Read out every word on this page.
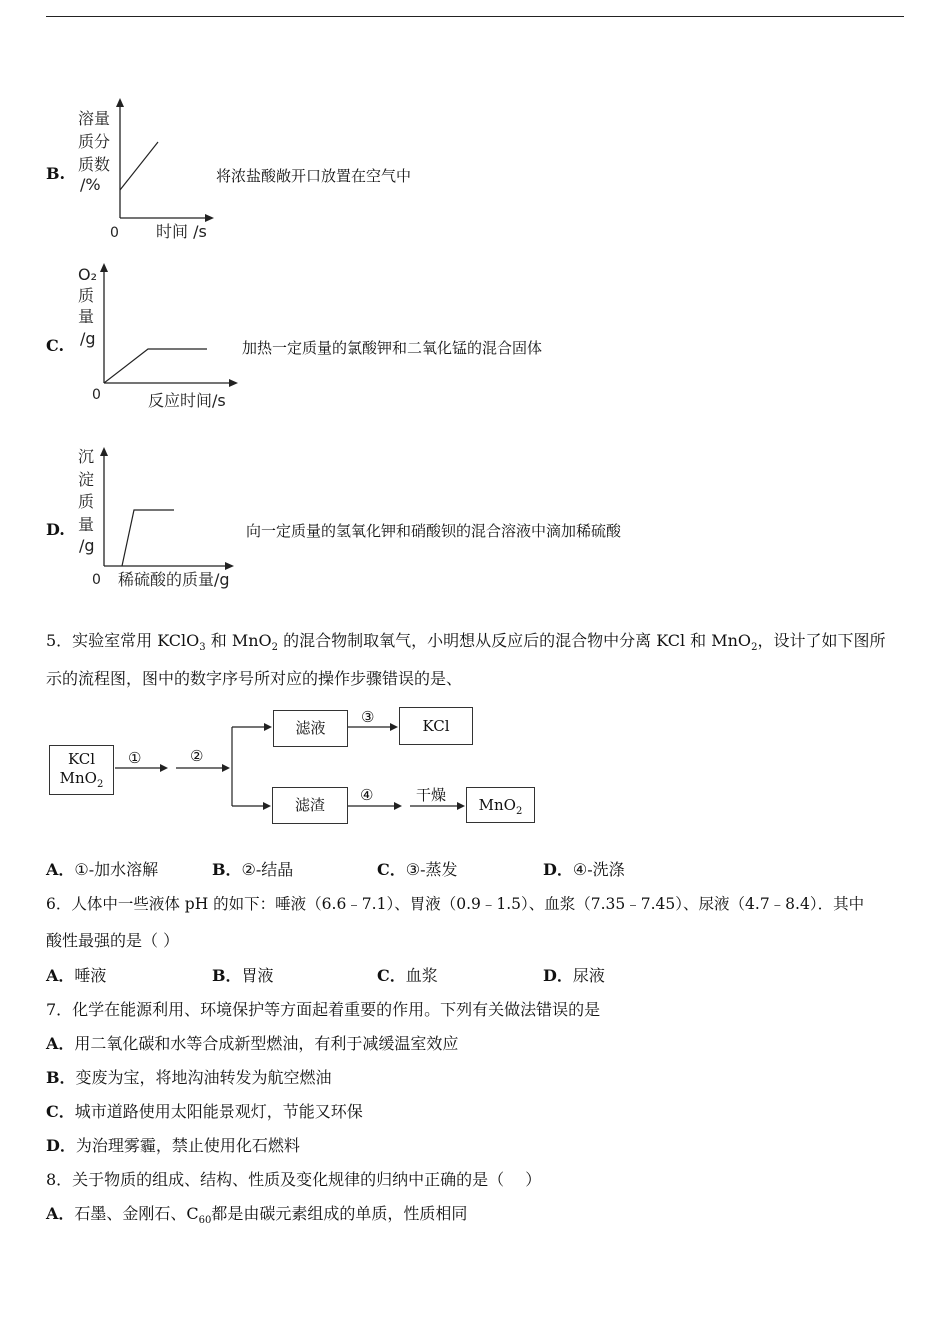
B.
溶量
质分
质数
/%
0 时间 /s
将浓盐酸敞开口放置在空气中
C.
O₂
质
量
/g
0	反应时间/s
加热一定质量的氯酸钾和二氧化锰的混合固体
D.
沉
淀
质
量
/g
0 稀硫酸的质量/g
向一定质量的氢氧化钾和硝酸钡的混合溶液中滴加稀硫酸
5．实验室常用 KClO$_3$ 和 MnO$_2$ 的混合物制取氧气，小明想从反应后的混合物中分离 KCl 和 MnO$_2$，设计了如下图所
示的流程图，图中的数字序号所对应的操作步骤错误的是、
KCl
MnO$_2$
①	②
滤液
③	KCl
滤渣
④	干燥
MnO$_2$
A．①-加水溶解	B．②-结晶	C．③-蒸发	D．④-洗涤
6．人体中一些液体 pH 的如下：唾液（6.6﹣7.1）、胃液（0.9﹣1.5）、血浆（7.35﹣7.45）、尿液（4.7﹣8.4）．其中
酸性最强的是（ ）
A．唾液	B．胃液	C．血浆	D．尿液
7．化学在能源利用、环境保护等方面起着重要的作用。下列有关做法错误的是
A．用二氧化碳和水等合成新型燃油，有利于减缓温室效应
B．变废为宝，将地沟油转发为航空燃油
C．城市道路使用太阳能景观灯，节能又环保
D．为治理雾霾，禁止使用化石燃料
8．关于物质的组成、结构、性质及变化规律的归纳中正确的是（　 ）
A．石墨、金刚石、$C_{60}$都是由碳元素组成的单质，性质相同
